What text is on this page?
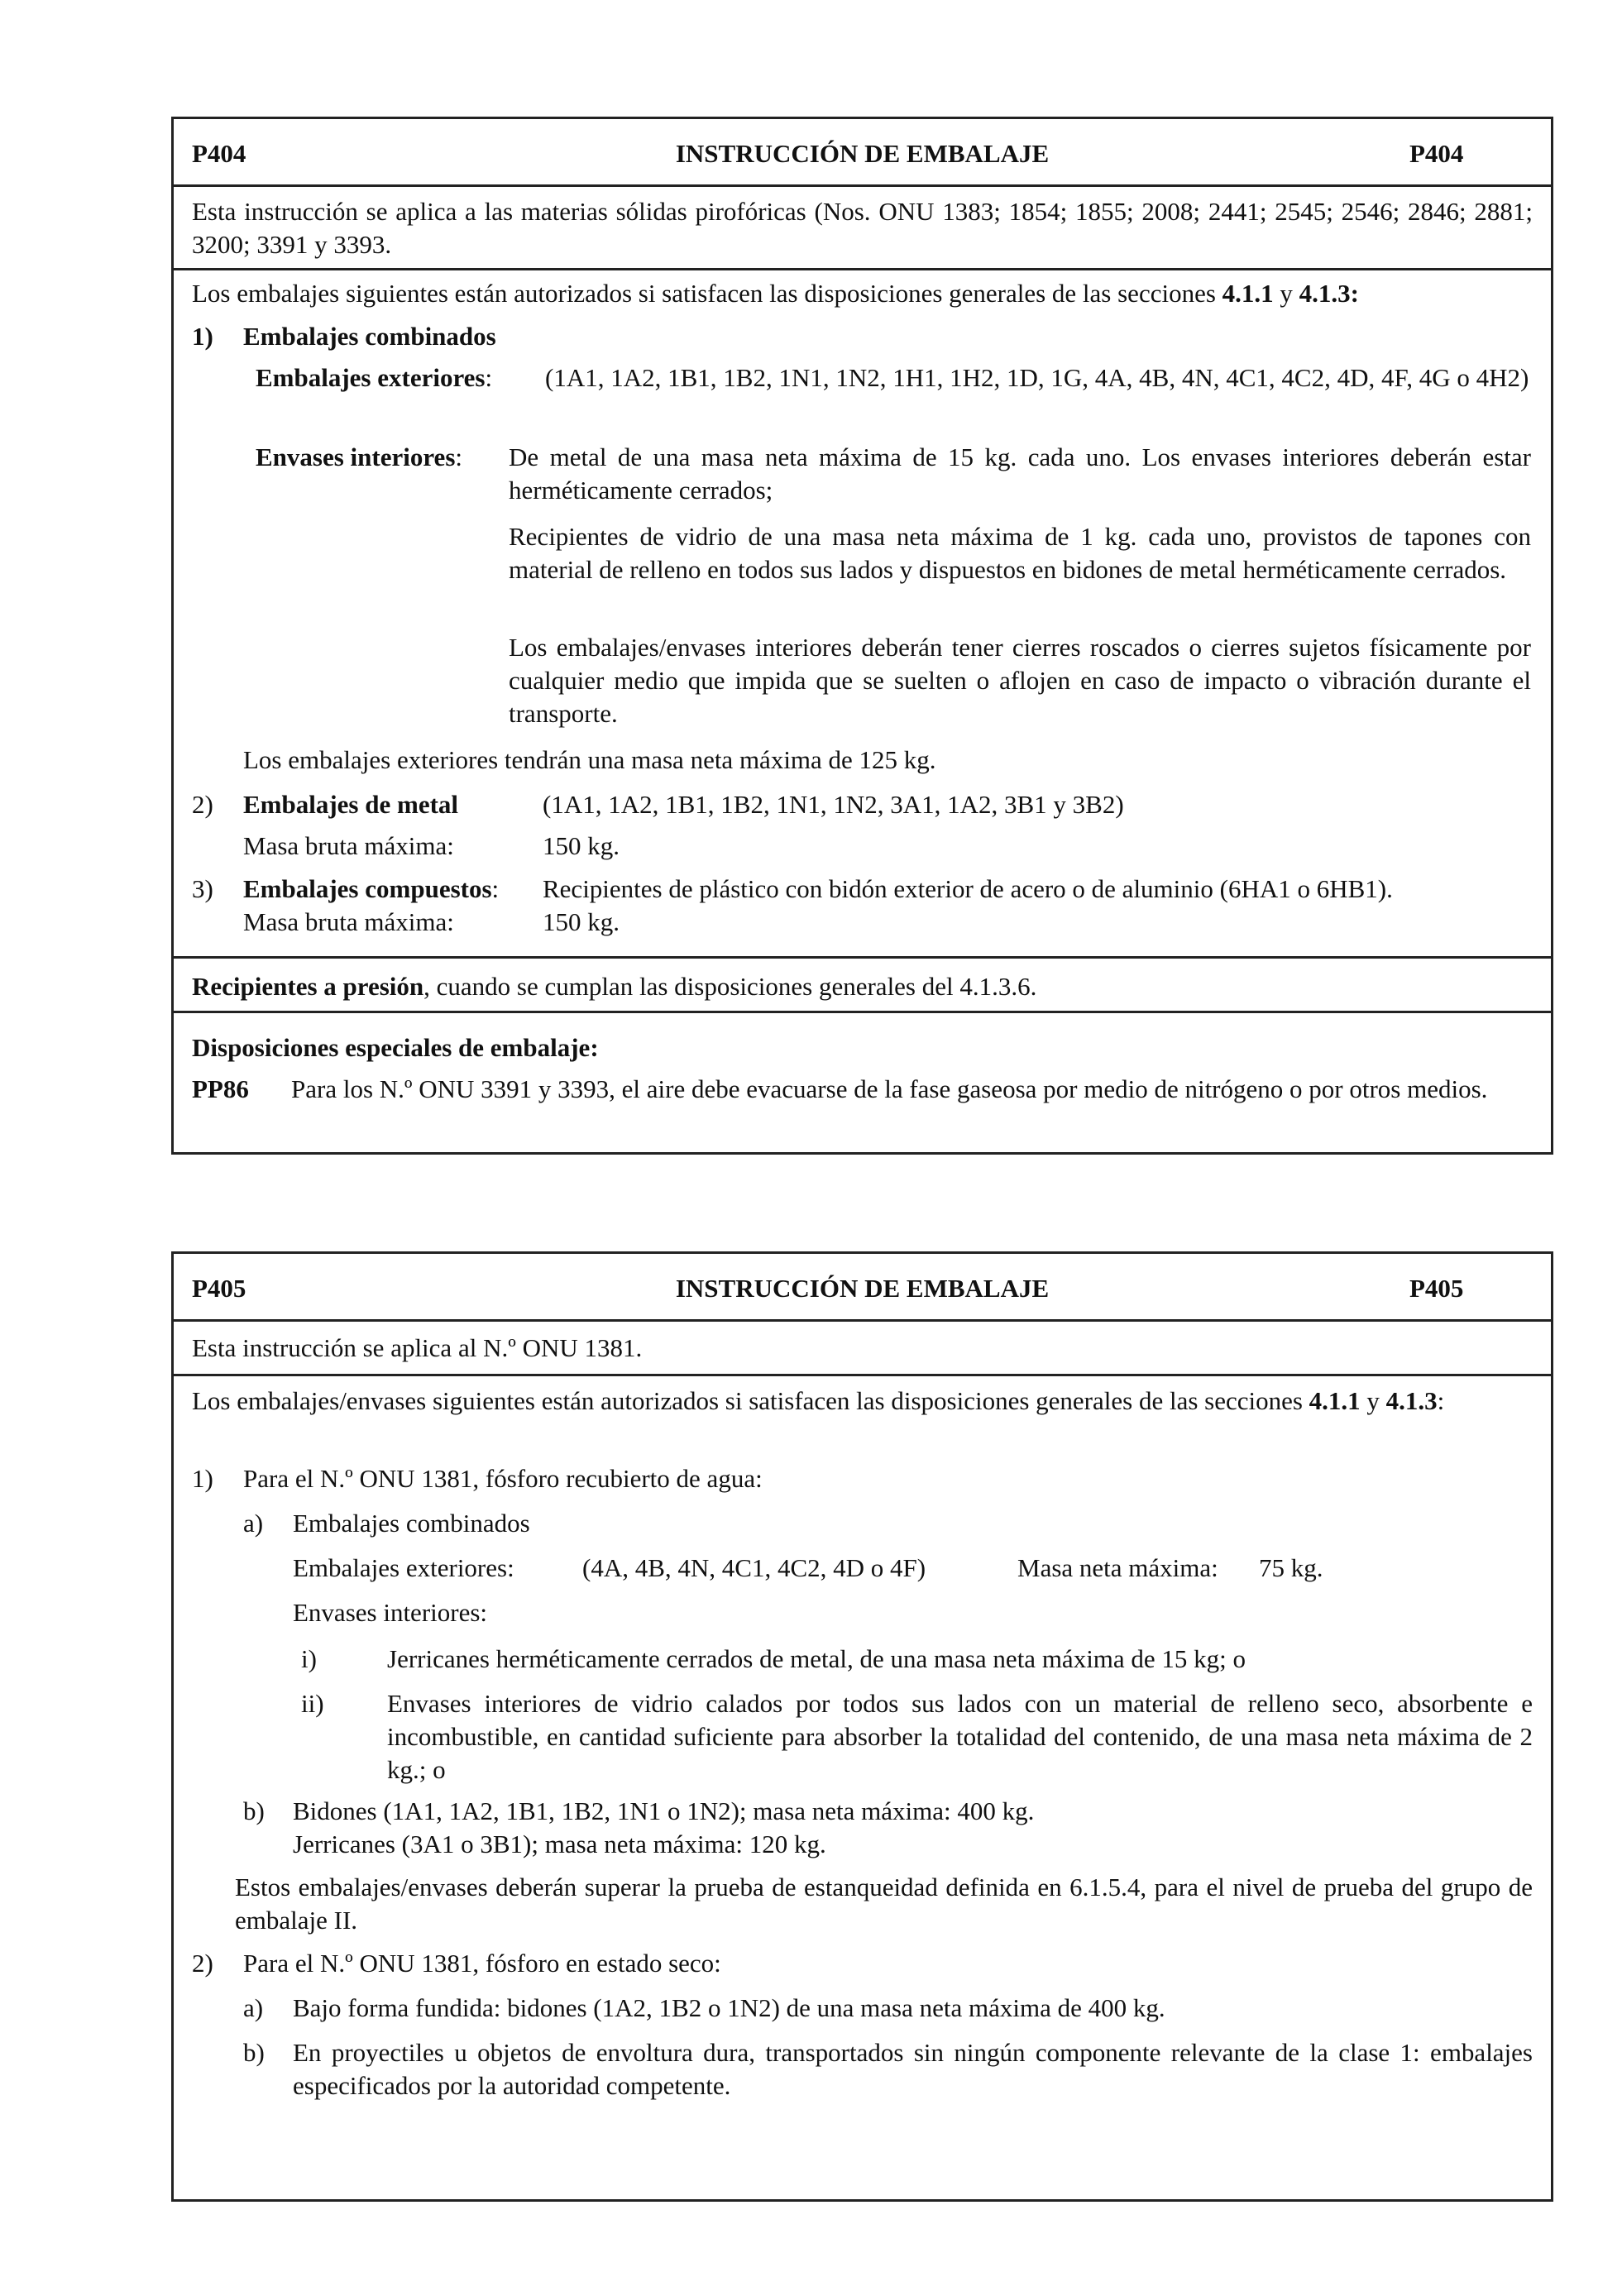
P404	INSTRUCCIÓN DE EMBALAJE	P404

Esta instrucción se aplica a las materias sólidas pirofóricas (Nos. ONU 1383; 1854; 1855; 2008; 2441; 2545; 2546; 2846; 2881; 3200; 3391 y 3393.

Los embalajes siguientes están autorizados si satisfacen las disposiciones generales de las secciones 4.1.1 y 4.1.3:

1)	Embalajes combinados
Embalajes exteriores:	(1A1, 1A2, 1B1, 1B2, 1N1, 1N2, 1H1, 1H2, 1D, 1G, 4A, 4B, 4N, 4C1, 4C2, 4D, 4F, 4G o 4H2)
Envases interiores:	De metal de una masa neta máxima de 15 kg. cada uno. Los envases interiores deberán estar herméticamente cerrados;

Recipientes de vidrio de una masa neta máxima de 1 kg. cada uno, provistos de tapones con material de relleno en todos sus lados y dispuestos en bidones de metal herméticamente cerrados.

Los embalajes/envases interiores deberán tener cierres roscados o cierres sujetos físicamente por cualquier medio que impida que se suelten o aflojen en caso de impacto o vibración durante el transporte.

Los embalajes exteriores tendrán una masa neta máxima de 125 kg.

2)	Embalajes de metal	(1A1, 1A2, 1B1, 1B2, 1N1, 1N2, 3A1, 1A2, 3B1 y 3B2)
Masa bruta máxima:	150 kg.
3)	Embalajes compuestos:	Recipientes de plástico con bidón exterior de acero o de aluminio (6HA1 o 6HB1).
Masa bruta máxima:	150 kg.
Recipientes a presión, cuando se cumplan las disposiciones generales del 4.1.3.6.

Disposiciones especiales de embalaje:

PP86	Para los N.º ONU 3391 y 3393, el aire debe evacuarse de la fase gaseosa por medio de nitrógeno o por otros medios.
P405	INSTRUCCIÓN DE EMBALAJE	P405

Esta instrucción se aplica al N.º ONU 1381.

Los embalajes/envases siguientes están autorizados si satisfacen las disposiciones generales de las secciones 4.1.1 y 4.1.3:

1)	Para el N.º ONU 1381, fósforo recubierto de agua:
a)	Embalajes combinados
Embalajes exteriores:	(4A, 4B, 4N, 4C1, 4C2, 4D o 4F)	Masa neta máxima:	75 kg.

Envases interiores:

i)	Jerricanes herméticamente cerrados de metal, de una masa neta máxima de 15 kg; o
ii)	Envases interiores de vidrio calados por todos sus lados con un material de relleno seco, absorbente e incombustible, en cantidad suficiente para absorber la totalidad del contenido, de una masa neta máxima de 2 kg.; o
b)	Bidones (1A1, 1A2, 1B1, 1B2, 1N1 o 1N2); masa neta máxima: 400 kg.
Jerricanes (3A1 o 3B1); masa neta máxima: 120 kg.

Estos embalajes/envases deberán superar la prueba de estanqueidad definida en 6.1.5.4, para el nivel de prueba del grupo de embalaje II.

2)	Para el N.º ONU 1381, fósforo en estado seco:
a)	Bajo forma fundida: bidones (1A2, 1B2 o 1N2) de una masa neta máxima de 400 kg.
b)	En proyectiles u objetos de envoltura dura, transportados sin ningún componente relevante de la clase 1: embalajes especificados por la autoridad competente.
